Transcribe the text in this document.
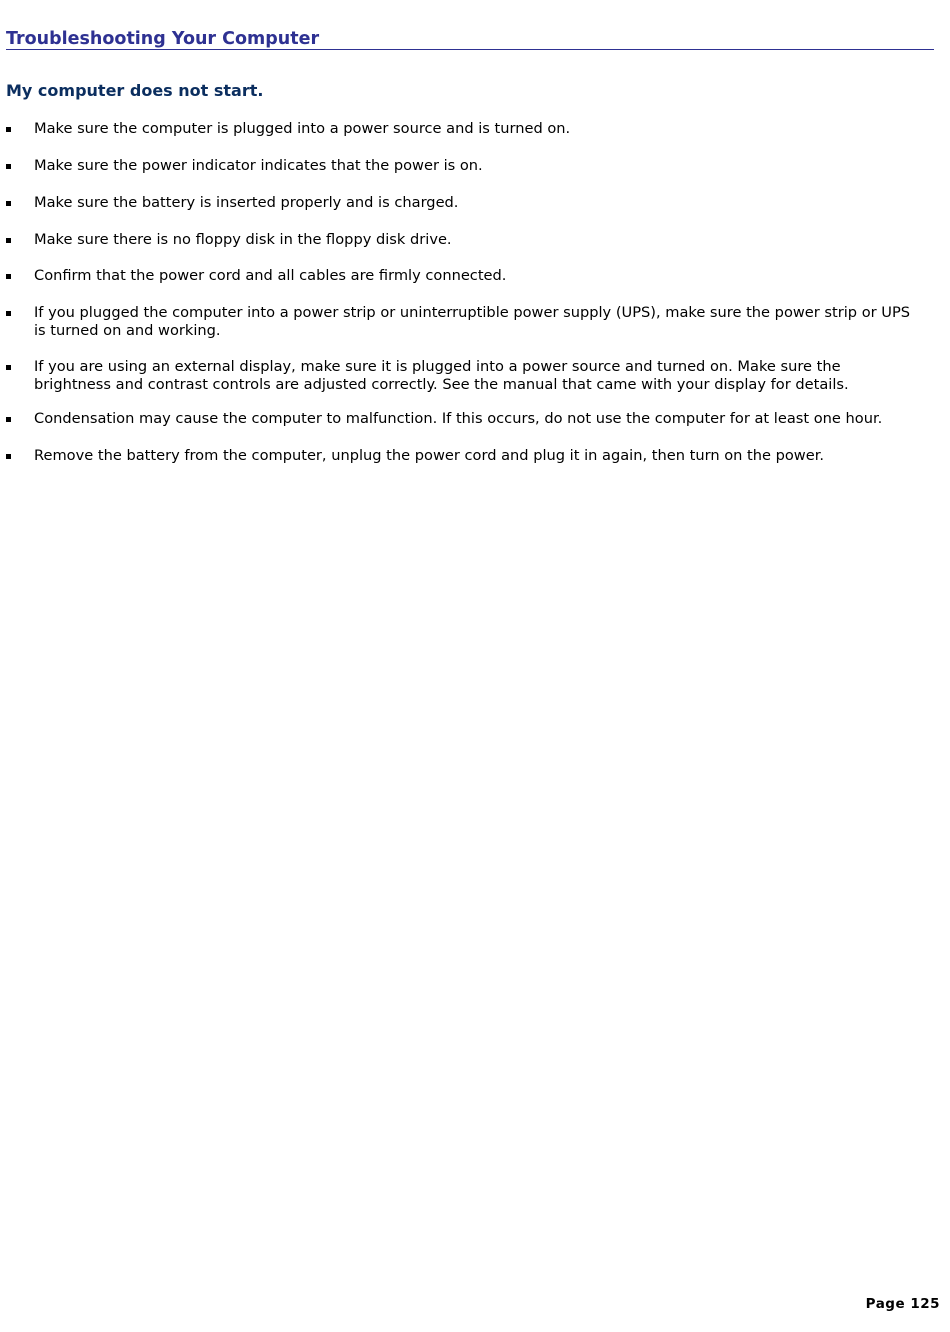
Troubleshooting Your Computer
My computer does not start.
Make sure the computer is plugged into a power source and is turned on.
Make sure the power indicator indicates that the power is on.
Make sure the battery is inserted properly and is charged.
Make sure there is no floppy disk in the floppy disk drive.
Confirm that the power cord and all cables are firmly connected.
If you plugged the computer into a power strip or uninterruptible power supply (UPS), make sure the power strip or UPS is turned on and working.
If you are using an external display, make sure it is plugged into a power source and turned on. Make sure the brightness and contrast controls are adjusted correctly. See the manual that came with your display for details.
Condensation may cause the computer to malfunction. If this occurs, do not use the computer for at least one hour.
Remove the battery from the computer, unplug the power cord and plug it in again, then turn on the power.
Page 125
